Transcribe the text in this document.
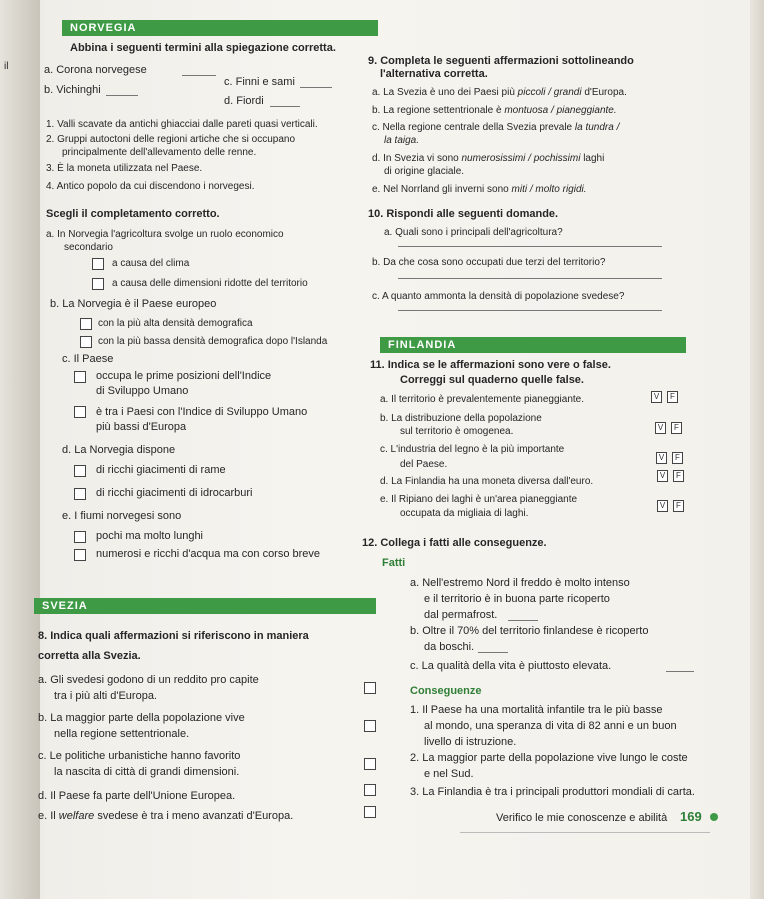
il
NORVEGIA
Abbina i seguenti termini alla spiegazione corretta.
a. Corona norvegese
c. Finni e sami
b. Vichinghi
d. Fiordi
1. Valli scavate da antichi ghiacciai dalle pareti quasi verticali.
2. Gruppi autoctoni delle regioni artiche che si occupano
principalmente dell'allevamento delle renne.
3. È la moneta utilizzata nel Paese.
4. Antico popolo da cui discendono i norvegesi.
Scegli il completamento corretto.
a. In Norvegia l'agricoltura svolge un ruolo economico
secondario
a causa del clima
a causa delle dimensioni ridotte del territorio
b. La Norvegia è il Paese europeo
con la più alta densità demografica
con la più bassa densità demografica dopo l'Islanda
c. Il Paese
occupa le prime posizioni dell'Indice
di Sviluppo Umano
è tra i Paesi con l'Indice di Sviluppo Umano
più bassi d'Europa
d. La Norvegia dispone
di ricchi giacimenti di rame
di ricchi giacimenti di idrocarburi
e. I fiumi norvegesi sono
pochi ma molto lunghi
numerosi e ricchi d'acqua ma con corso breve
SVEZIA
8. Indica quali affermazioni si riferiscono in maniera
corretta alla Svezia.
a. Gli svedesi godono di un reddito pro capite
tra i più alti d'Europa.
b. La maggior parte della popolazione vive
nella regione settentrionale.
c. Le politiche urbanistiche hanno favorito
la nascita di città di grandi dimensioni.
d. Il Paese fa parte dell'Unione Europea.
e. Il welfare svedese è tra i meno avanzati d'Europa.
9. Completa le seguenti affermazioni sottolineando
l'alternativa corretta.
a. La Svezia è uno dei Paesi più piccoli / grandi d'Europa.
b. La regione settentrionale è montuosa / pianeggiante.
c. Nella regione centrale della Svezia prevale la tundra /
la taiga.
d. In Svezia vi sono numerosissimi / pochissimi laghi
di origine glaciale.
e. Nel Norrland gli inverni sono miti / molto rigidi.
10. Rispondi alle seguenti domande.
a. Quali sono i principali dell'agricoltura?
b. Da che cosa sono occupati due terzi del territorio?
c. A quanto ammonta la densità di popolazione svedese?
FINLANDIA
11. Indica se le affermazioni sono vere o false.
Correggi sul quaderno quelle false.
a. Il territorio è prevalentemente pianeggiante.	V	F
b. La distribuzione della popolazione
sul territorio è omogenea.	V	F
c. L'industria del legno è la più importante
del Paese.
V	F
d. La Finlandia ha una moneta diversa dall'euro.
V	F
e. Il Ripiano dei laghi è un'area pianeggiante
occupata da migliaia di laghi.
V	F
12. Collega i fatti alle conseguenze.
Fatti
a. Nell'estremo Nord il freddo è molto intenso
e il territorio è in buona parte ricoperto
dal permafrost.
b. Oltre il 70% del territorio finlandese è ricoperto
da boschi.
c. La qualità della vita è piuttosto elevata.
Conseguenze
1. Il Paese ha una mortalità infantile tra le più basse
al mondo, una speranza di vita di 82 anni e un buon
livello di istruzione.
2. La maggior parte della popolazione vive lungo le coste
e nel Sud.
3. La Finlandia è tra i principali produttori mondiali di carta.
Verifico le mie conoscenze e abilità 169
